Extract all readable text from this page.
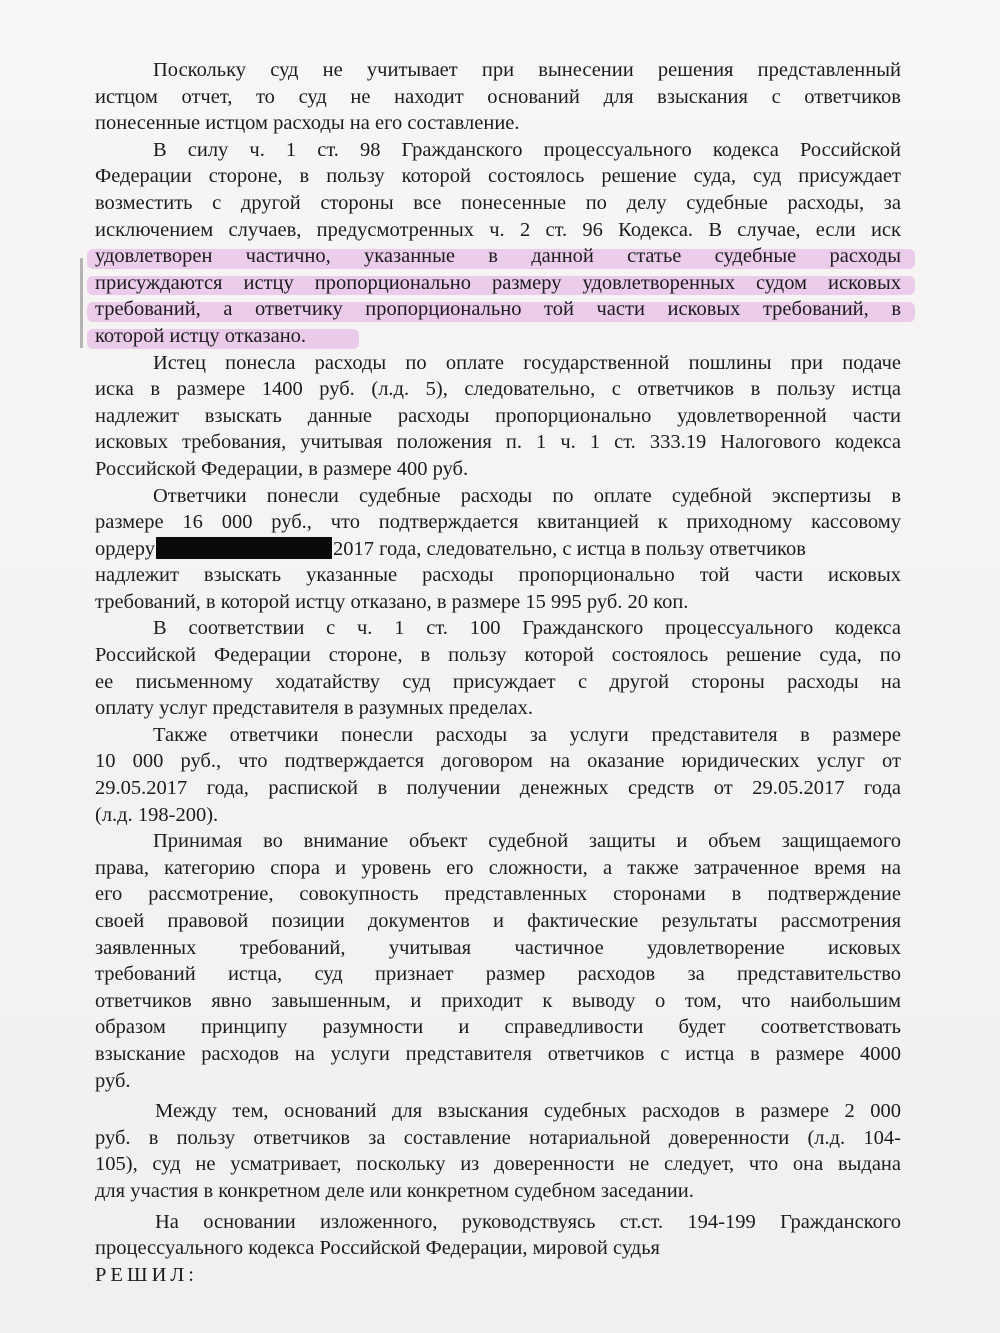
Поскольку суд не учитывает при вынесении решения представленный
истцом отчет, то суд не находит оснований для взыскания с ответчиков
понесенные истцом расходы на его составление.
В силу ч. 1 ст. 98 Гражданского процессуального кодекса Российской
Федерации стороне, в пользу которой состоялось решение суда, суд присуждает
возместить с другой стороны все понесенные по делу судебные расходы, за
исключением случаев, предусмотренных ч. 2 ст. 96 Кодекса. В случае, если иск
удовлетворен частично, указанные в данной статье судебные расходы
присуждаются истцу пропорционально размеру удовлетворенных судом исковых
требований, а ответчику пропорционально той части исковых требований, в
которой истцу отказано.
Истец понесла расходы по оплате государственной пошлины при подаче
иска в размере 1400 руб. (л.д. 5), следовательно, с ответчиков в пользу истца
надлежит взыскать данные расходы пропорционально удовлетворенной части
исковых требования, учитывая положения п. 1 ч. 1 ст. 333.19 Налогового кодекса
Российской Федерации, в размере 400 руб.
Ответчики понесли судебные расходы по оплате судебной экспертизы в
размере 16 000 руб., что подтверждается квитанцией к приходному кассовому
ордеру	2017 года, следовательно, с истца в пользу ответчиков
надлежит взыскать указанные расходы пропорционально той части исковых
требований, в которой истцу отказано, в размере 15 995 руб. 20 коп.
В соответствии с ч. 1 ст. 100 Гражданского процессуального кодекса
Российской Федерации стороне, в пользу которой состоялось решение суда, по
ее письменному ходатайству суд присуждает с другой стороны расходы на
оплату услуг представителя в разумных пределах.
Также ответчики понесли расходы за услуги представителя в размере
10 000 руб., что подтверждается договором на оказание юридических услуг от
29.05.2017 года, распиской в получении денежных средств от 29.05.2017 года
(л.д. 198-200).
Принимая во внимание объект судебной защиты и объем защищаемого
права, категорию спора и уровень его сложности, а также затраченное время на
его рассмотрение, совокупность представленных сторонами в подтверждение
своей правовой позиции документов и фактические результаты рассмотрения
заявленных требований, учитывая частичное удовлетворение исковых
требований истца, суд признает размер расходов за представительство
ответчиков явно завышенным, и приходит к выводу о том, что наибольшим
образом принципу разумности и справедливости будет соответствовать
взыскание расходов на услуги представителя ответчиков с истца в размере 4000
руб.
Между тем, оснований для взыскания судебных расходов в размере 2 000
руб. в пользу ответчиков за составление нотариальной доверенности (л.д. 104-
105), суд не усматривает, поскольку из доверенности не следует, что она выдана
для участия в конкретном деле или конкретном судебном заседании.
На основании изложенного, руководствуясь ст.ст. 194-199 Гражданского
процессуального кодекса Российской Федерации, мировой судья
РЕШИЛ:
